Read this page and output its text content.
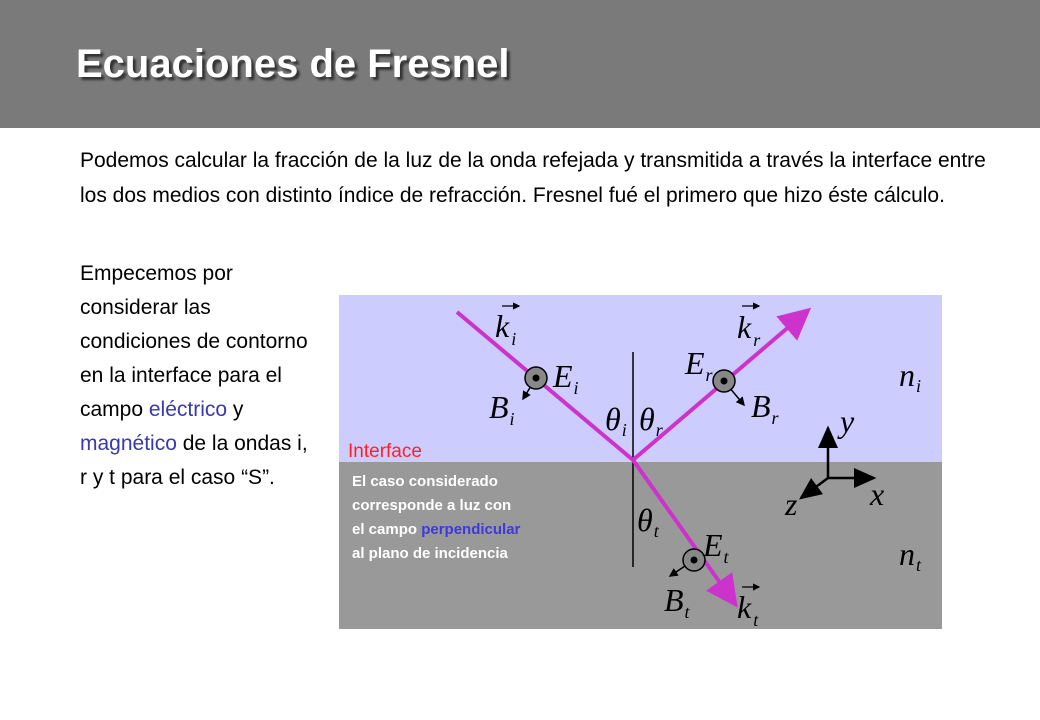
Ecuaciones de Fresnel

Podemos calcular la fracción de la luz de la onda refejada y transmitida a través la interface entre los dos medios con distinto índice de refracción. Fresnel fué el primero que hizo éste cálculo.

Empecemos por considerar las condiciones de contorno en la interface para el campo eléctrico y magnético de la ondas i, r y t para el caso “S”.

ki	kr
kt
Ei
Er
Et
Bi	Br
Bt
θi θr
θt
ni
nt
y
x
z
Interface
El caso considerado
corresponde a luz con
el campo perpendicular
al plano de incidencia
